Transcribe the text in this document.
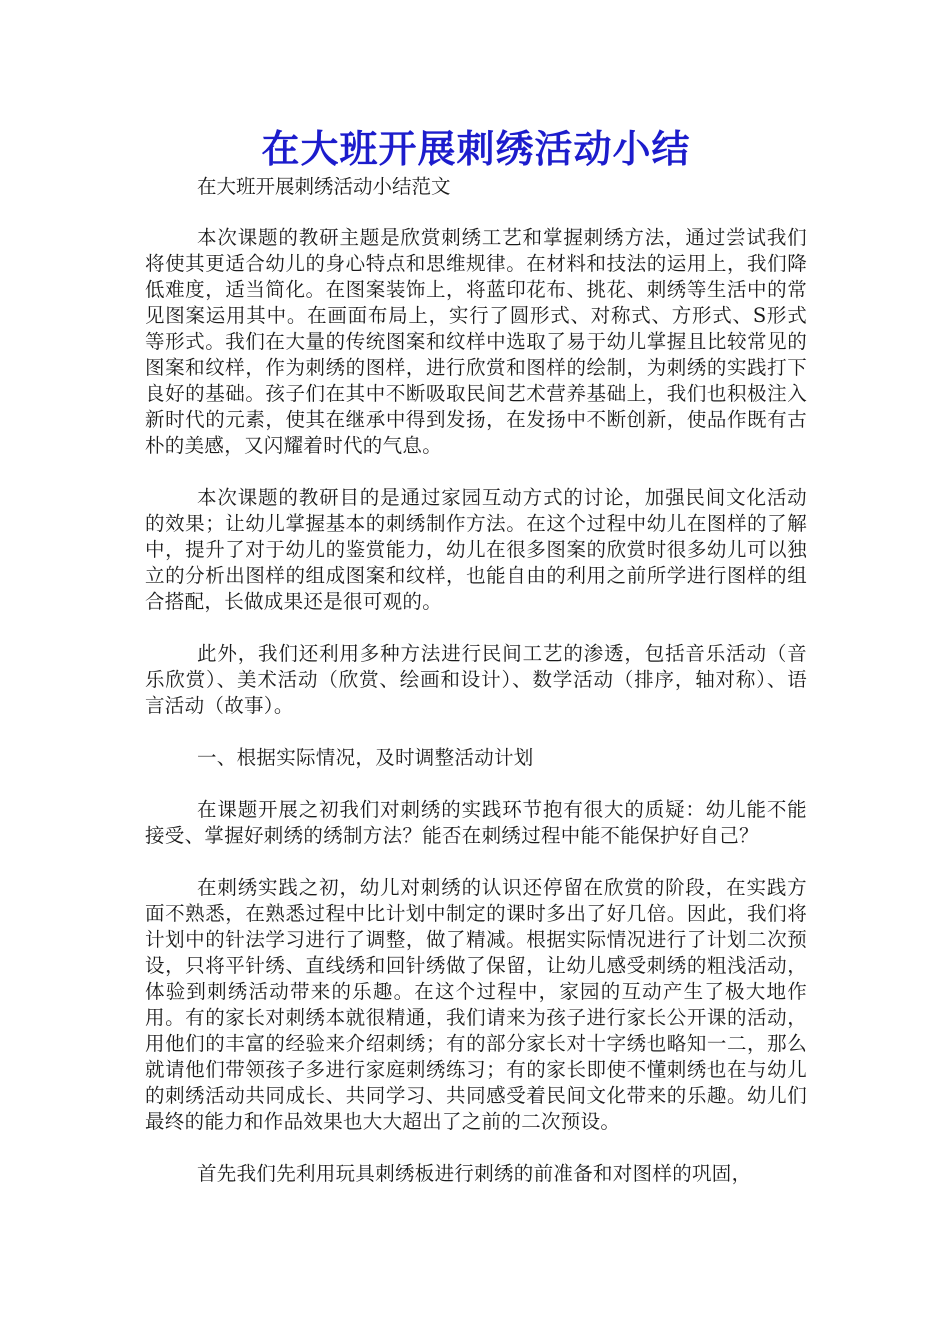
在大班开展刺绣活动小结

在大班开展刺绣活动小结范文

本次课题的教研主题是欣赏刺绣工艺和掌握刺绣方法，通过尝试我们将使其更适合幼儿的身心特点和思维规律。在材料和技法的运用上，我们降低难度，适当简化。在图案装饰上，将蓝印花布、挑花、刺绣等生活中的常见图案运用其中。在画面布局上，实行了圆形式、对称式、方形式、S形式等形式。我们在大量的传统图案和纹样中选取了易于幼儿掌握且比较常见的图案和纹样，作为刺绣的图样，进行欣赏和图样的绘制，为刺绣的实践打下良好的基础。孩子们在其中不断吸取民间艺术营养基础上，我们也积极注入新时代的元素，使其在继承中得到发扬，在发扬中不断创新，使品作既有古朴的美感，又闪耀着时代的气息。

本次课题的教研目的是通过家园互动方式的讨论，加强民间文化活动的效果；让幼儿掌握基本的刺绣制作方法。在这个过程中幼儿在图样的了解中，提升了对于幼儿的鉴赏能力，幼儿在很多图案的欣赏时很多幼儿可以独立的分析出图样的组成图案和纹样，也能自由的利用之前所学进行图样的组合搭配，长做成果还是很可观的。

此外，我们还利用多种方法进行民间工艺的渗透，包括音乐活动（音乐欣赏）、美术活动（欣赏、绘画和设计）、数学活动（排序，轴对称）、语言活动（故事）。

一、根据实际情况，及时调整活动计划

在课题开展之初我们对刺绣的实践环节抱有很大的质疑：幼儿能不能接受、掌握好刺绣的绣制方法？能否在刺绣过程中能不能保护好自己？

在刺绣实践之初，幼儿对刺绣的认识还停留在欣赏的阶段，在实践方面不熟悉，在熟悉过程中比计划中制定的课时多出了好几倍。因此，我们将计划中的针法学习进行了调整，做了精减。根据实际情况进行了计划二次预设，只将平针绣、直线绣和回针绣做了保留，让幼儿感受刺绣的粗浅活动，体验到刺绣活动带来的乐趣。在这个过程中，家园的互动产生了极大地作用。有的家长对刺绣本就很精通，我们请来为孩子进行家长公开课的活动，用他们的丰富的经验来介绍刺绣；有的部分家长对十字绣也略知一二，那么就请他们带领孩子多进行家庭刺绣练习；有的家长即使不懂刺绣也在与幼儿的刺绣活动共同成长、共同学习、共同感受着民间文化带来的乐趣。幼儿们最终的能力和作品效果也大大超出了之前的二次预设。

首先我们先利用玩具刺绣板进行刺绣的前准备和对图样的巩固，
